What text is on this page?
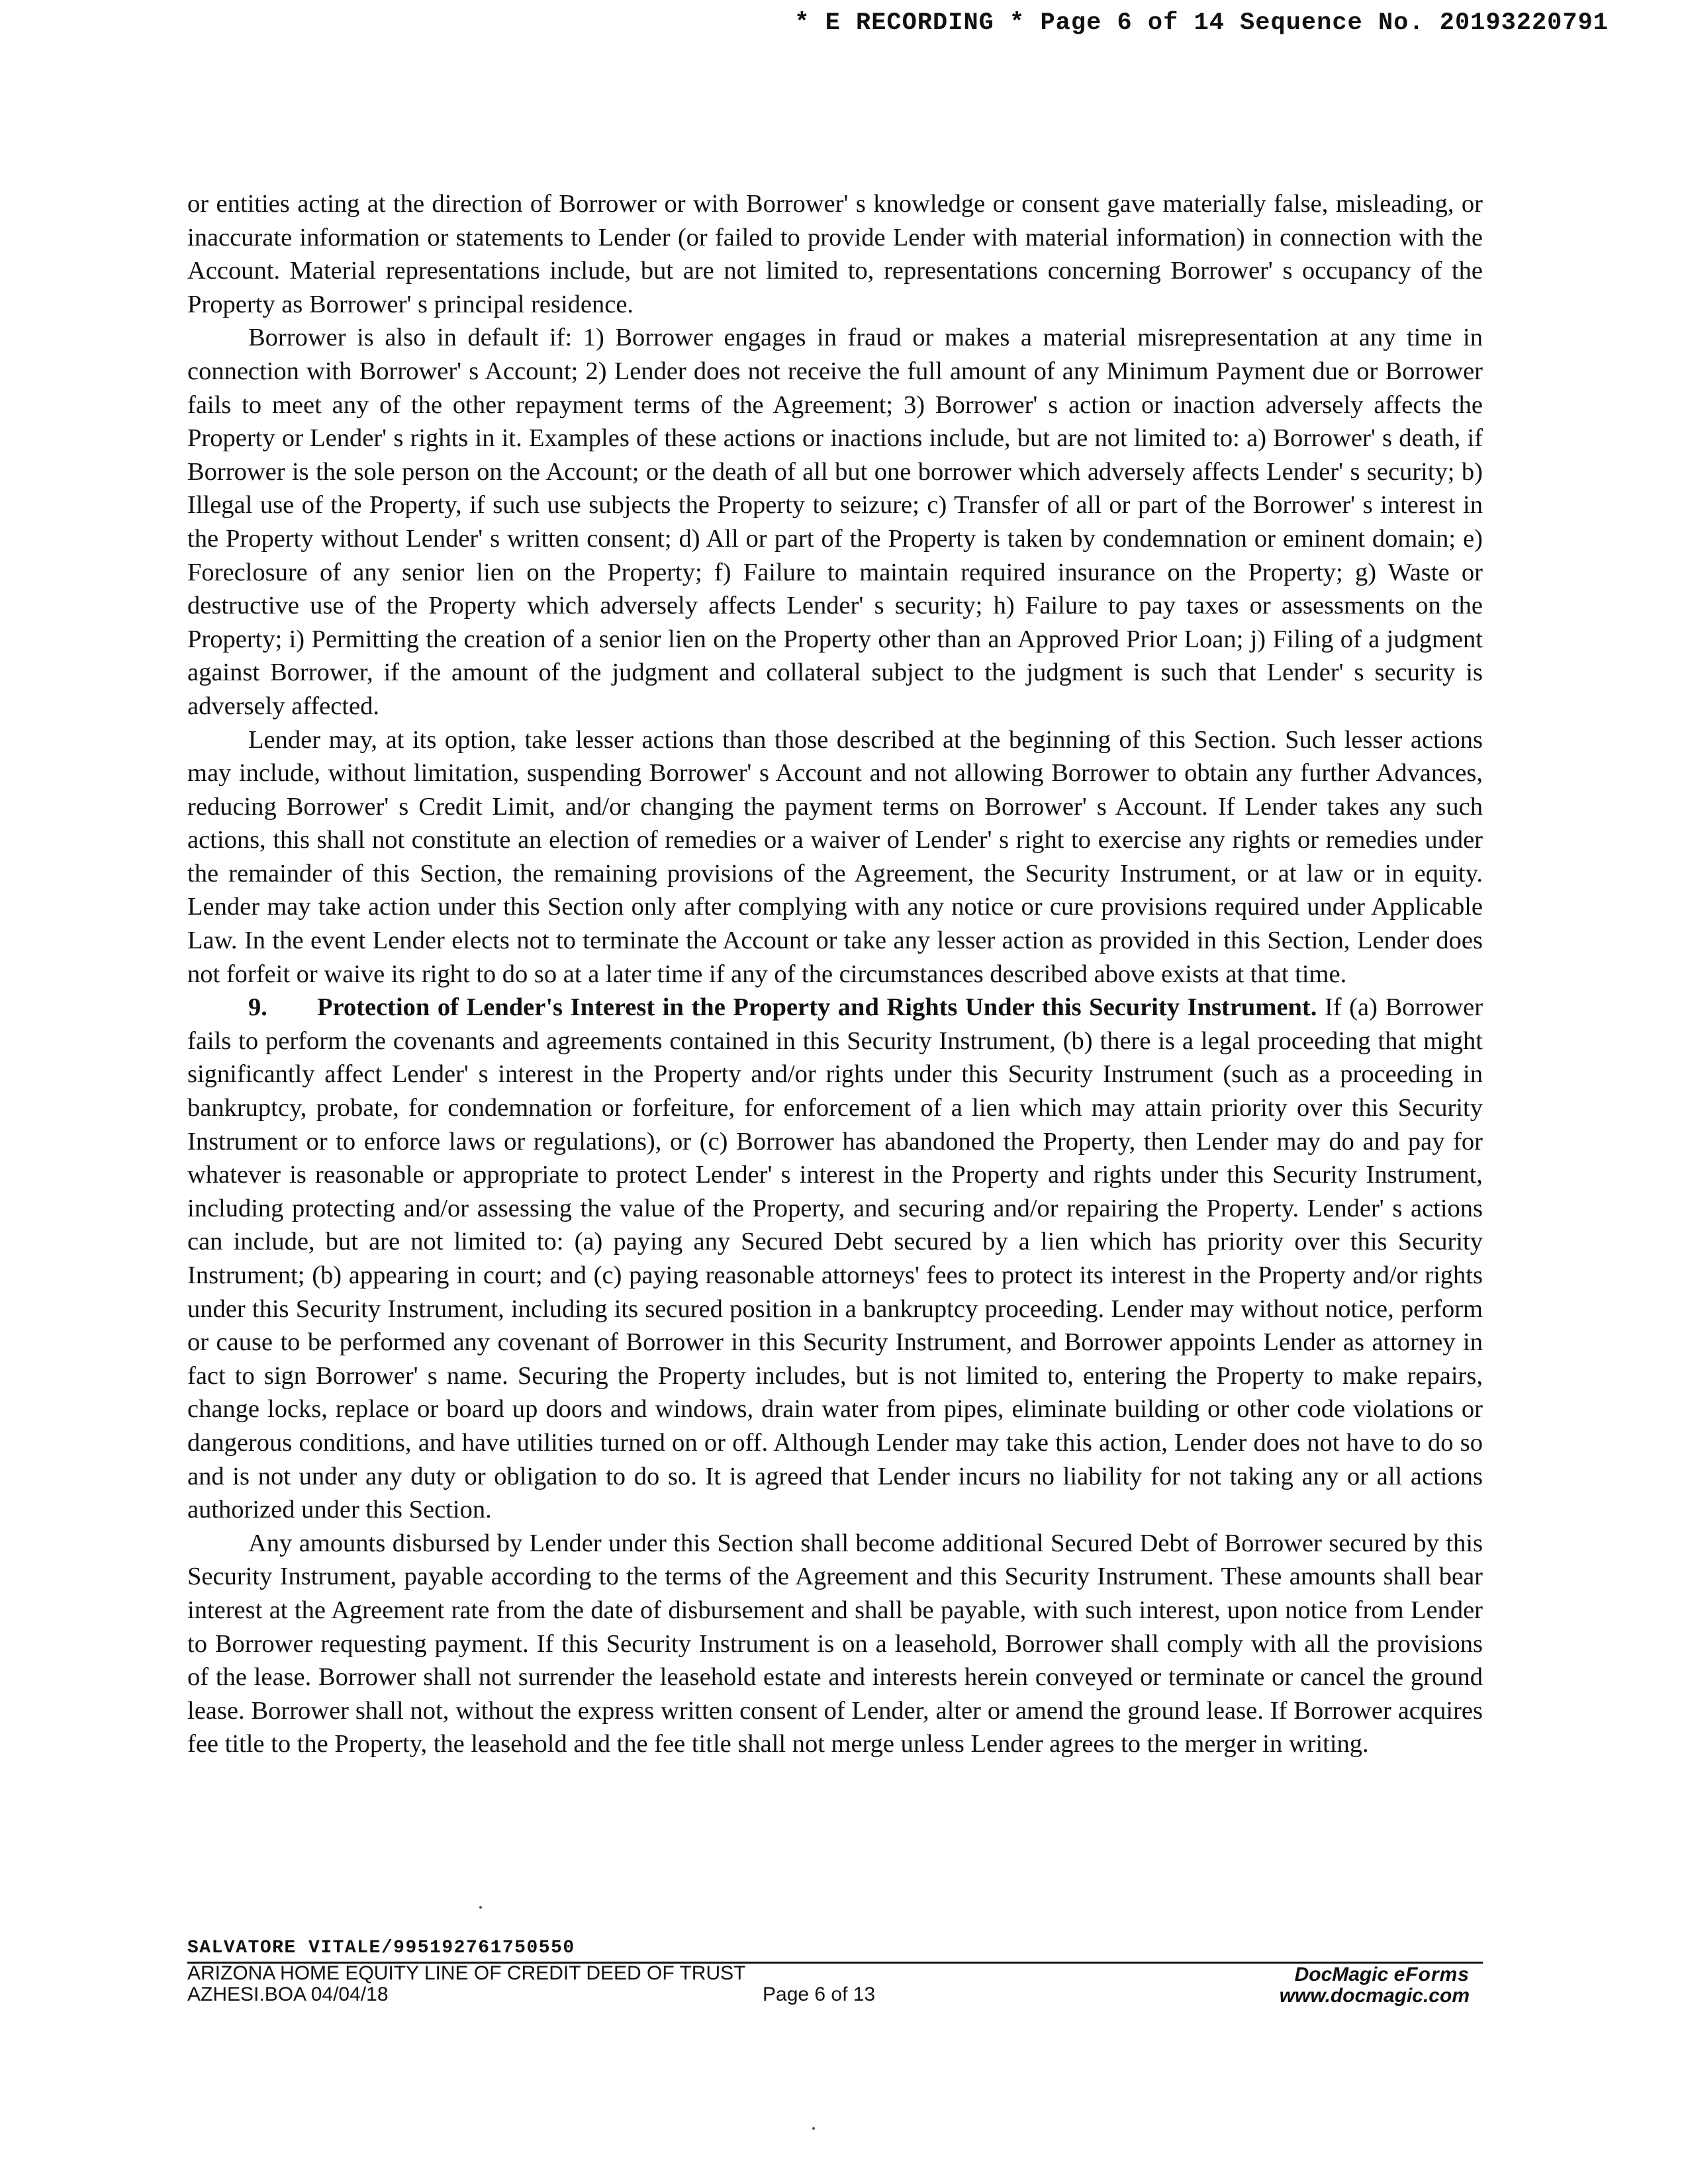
* E RECORDING * Page 6 of 14 Sequence No. 20193220791

or entities acting at the direction of Borrower or with Borrower' s knowledge or consent gave materially false, misleading, or inaccurate information or statements to Lender (or failed to provide Lender with material information) in connection with the Account. Material representations include, but are not limited to, representations concerning Borrower' s occupancy of the Property as Borrower' s principal residence.

Borrower is also in default if: 1) Borrower engages in fraud or makes a material misrepresentation at any time in connection with Borrower' s Account; 2) Lender does not receive the full amount of any Minimum Payment due or Borrower fails to meet any of the other repayment terms of the Agreement; 3) Borrower' s action or inaction adversely affects the Property or Lender' s rights in it. Examples of these actions or inactions include, but are not limited to: a) Borrower' s death, if Borrower is the sole person on the Account; or the death of all but one borrower which adversely affects Lender' s security; b) Illegal use of the Property, if such use subjects the Property to seizure; c) Transfer of all or part of the Borrower' s interest in the Property without Lender' s written consent; d) All or part of the Property is taken by condemnation or eminent domain; e) Foreclosure of any senior lien on the Property; f) Failure to maintain required insurance on the Property; g) Waste or destructive use of the Property which adversely affects Lender' s security; h) Failure to pay taxes or assessments on the Property; i) Permitting the creation of a senior lien on the Property other than an Approved Prior Loan; j) Filing of a judgment against Borrower, if the amount of the judgment and collateral subject to the judgment is such that Lender' s security is adversely affected.

Lender may, at its option, take lesser actions than those described at the beginning of this Section. Such lesser actions may include, without limitation, suspending Borrower' s Account and not allowing Borrower to obtain any further Advances, reducing Borrower' s Credit Limit, and/or changing the payment terms on Borrower' s Account. If Lender takes any such actions, this shall not constitute an election of remedies or a waiver of Lender' s right to exercise any rights or remedies under the remainder of this Section, the remaining provisions of the Agreement, the Security Instrument, or at law or in equity. Lender may take action under this Section only after complying with any notice or cure provisions required under Applicable Law. In the event Lender elects not to terminate the Account or take any lesser action as provided in this Section, Lender does not forfeit or waive its right to do so at a later time if any of the circumstances described above exists at that time.

9. Protection of Lender's Interest in the Property and Rights Under this Security Instrument. If (a) Borrower fails to perform the covenants and agreements contained in this Security Instrument, (b) there is a legal proceeding that might significantly affect Lender' s interest in the Property and/or rights under this Security Instrument (such as a proceeding in bankruptcy, probate, for condemnation or forfeiture, for enforcement of a lien which may attain priority over this Security Instrument or to enforce laws or regulations), or (c) Borrower has abandoned the Property, then Lender may do and pay for whatever is reasonable or appropriate to protect Lender' s interest in the Property and rights under this Security Instrument, including protecting and/or assessing the value of the Property, and securing and/or repairing the Property. Lender' s actions can include, but are not limited to: (a) paying any Secured Debt secured by a lien which has priority over this Security Instrument; (b) appearing in court; and (c) paying reasonable attorneys' fees to protect its interest in the Property and/or rights under this Security Instrument, including its secured position in a bankruptcy proceeding. Lender may without notice, perform or cause to be performed any covenant of Borrower in this Security Instrument, and Borrower appoints Lender as attorney in fact to sign Borrower' s name. Securing the Property includes, but is not limited to, entering the Property to make repairs, change locks, replace or board up doors and windows, drain water from pipes, eliminate building or other code violations or dangerous conditions, and have utilities turned on or off. Although Lender may take this action, Lender does not have to do so and is not under any duty or obligation to do so. It is agreed that Lender incurs no liability for not taking any or all actions authorized under this Section.

Any amounts disbursed by Lender under this Section shall become additional Secured Debt of Borrower secured by this Security Instrument, payable according to the terms of the Agreement and this Security Instrument. These amounts shall bear interest at the Agreement rate from the date of disbursement and shall be payable, with such interest, upon notice from Lender to Borrower requesting payment. If this Security Instrument is on a leasehold, Borrower shall comply with all the provisions of the lease. Borrower shall not surrender the leasehold estate and interests herein conveyed or terminate or cancel the ground lease. Borrower shall not, without the express written consent of Lender, alter or amend the ground lease. If Borrower acquires fee title to the Property, the leasehold and the fee title shall not merge unless Lender agrees to the merger in writing.

SALVATORE VITALE/995192761750550
ARIZONA HOME EQUITY LINE OF CREDIT DEED OF TRUST
AZHESI.BOA 04/04/18	Page 6 of 13
DocMagic eForms
www.docmagic.com
